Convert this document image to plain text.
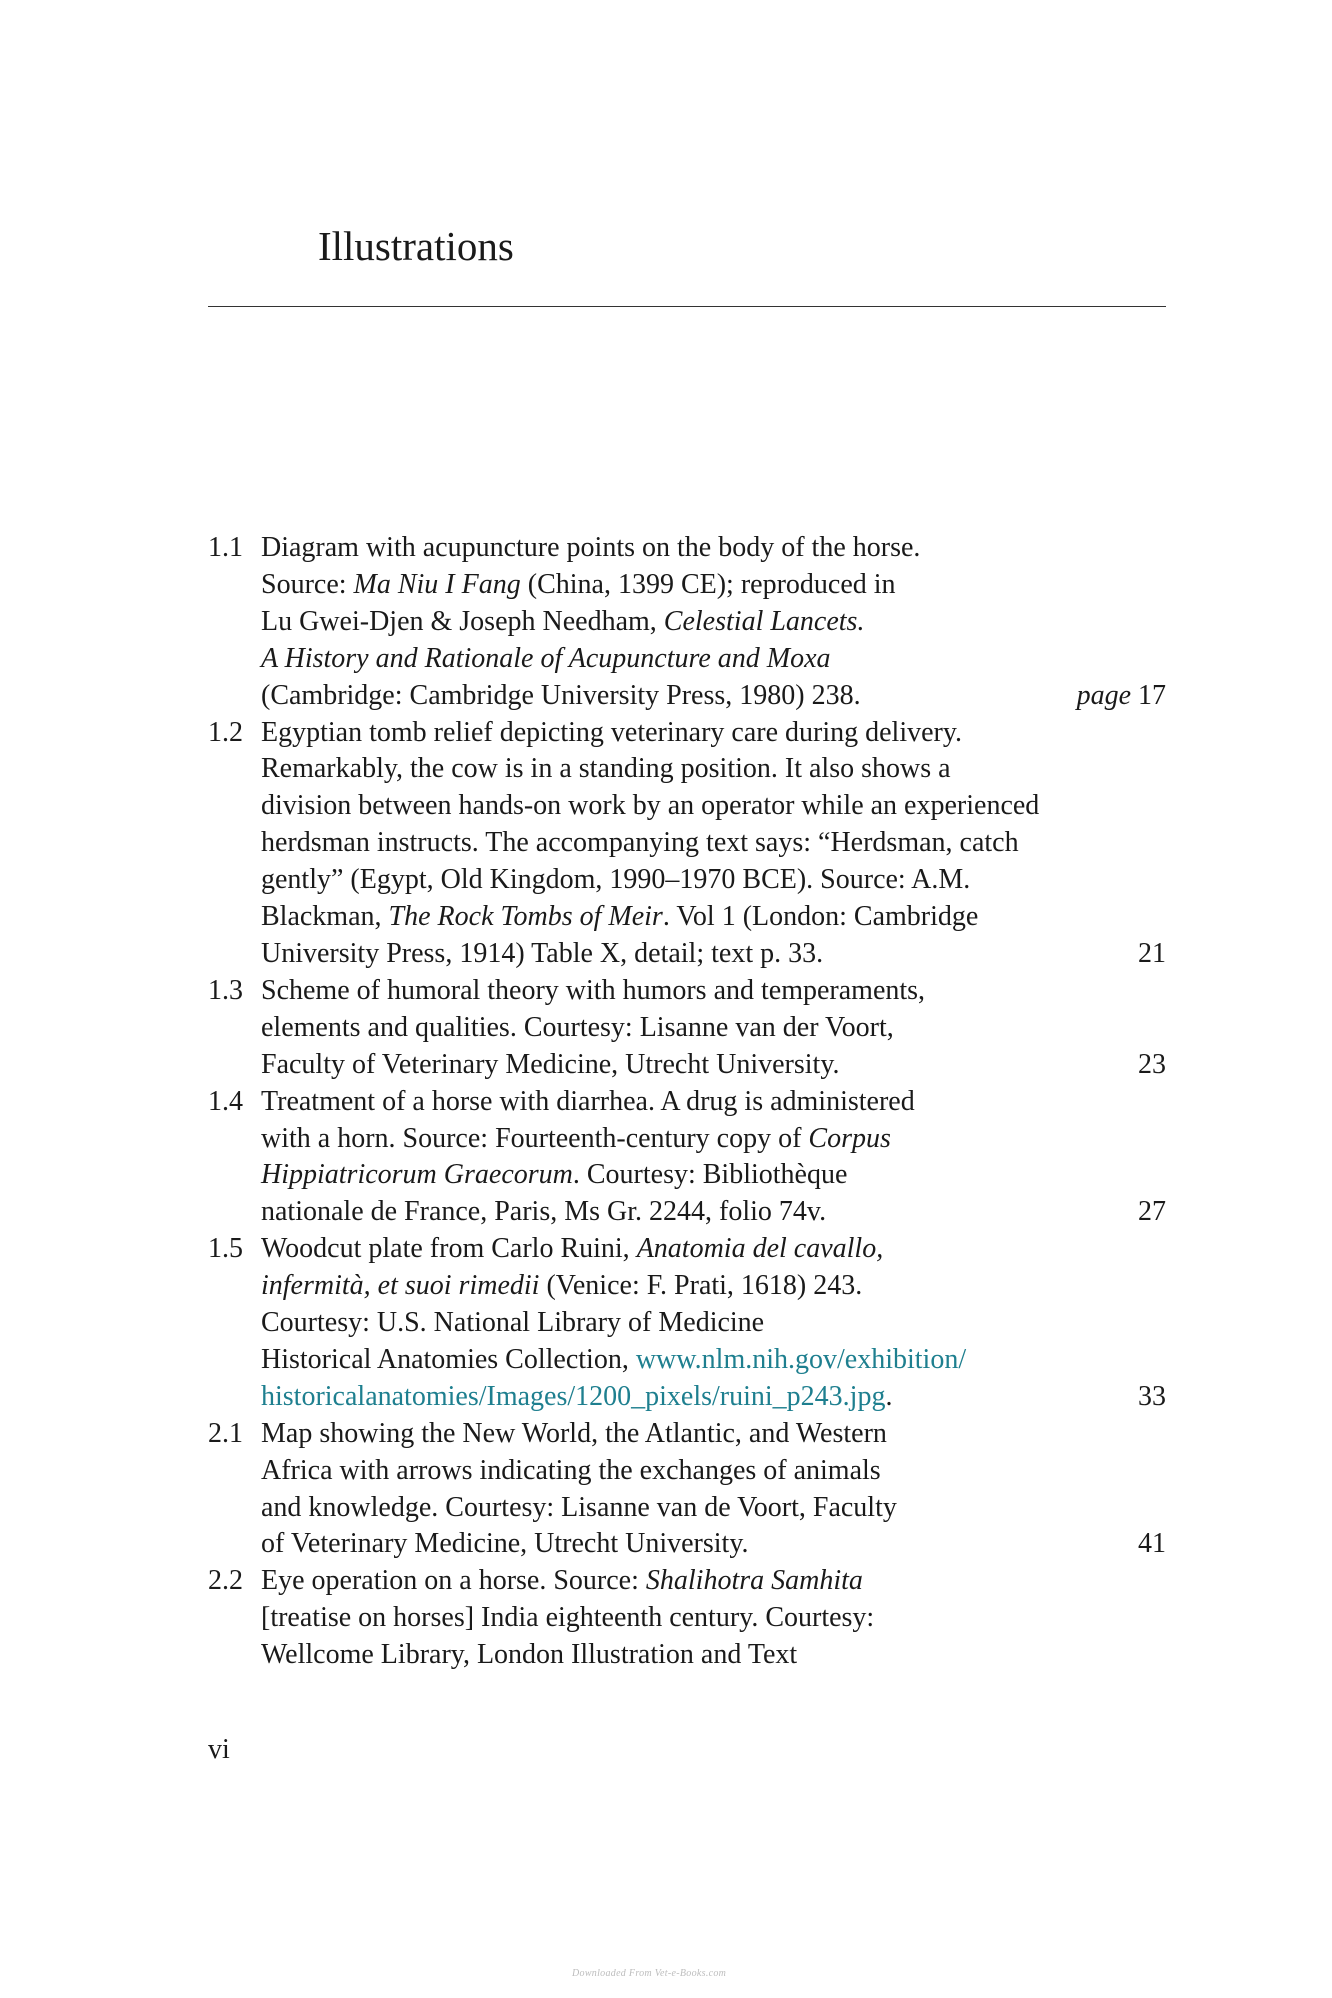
Illustrations
1.1 Diagram with acupuncture points on the body of the horse.
Source: Ma Niu I Fang (China, 1399 CE); reproduced in
Lu Gwei-Djen & Joseph Needham, Celestial Lancets.
A History and Rationale of Acupuncture and Moxa
(Cambridge: Cambridge University Press, 1980) 238.	page 17
1.2 Egyptian tomb relief depicting veterinary care during delivery.
Remarkably, the cow is in a standing position. It also shows a
division between hands-on work by an operator while an experienced
herdsman instructs. The accompanying text says: “Herdsman, catch
gently” (Egypt, Old Kingdom, 1990–1970 BCE). Source: A.M.
Blackman, The Rock Tombs of Meir. Vol 1 (London: Cambridge
University Press, 1914) Table X, detail; text p. 33.	21
1.3 Scheme of humoral theory with humors and temperaments,
elements and qualities. Courtesy: Lisanne van der Voort,
Faculty of Veterinary Medicine, Utrecht University.	23
1.4 Treatment of a horse with diarrhea. A drug is administered
with a horn. Source: Fourteenth-century copy of Corpus
Hippiatricorum Graecorum. Courtesy: Bibliothèque
nationale de France, Paris, Ms Gr. 2244, folio 74v.	27
1.5 Woodcut plate from Carlo Ruini, Anatomia del cavallo,
infermità, et suoi rimedii (Venice: F. Prati, 1618) 243.
Courtesy: U.S. National Library of Medicine
Historical Anatomies Collection, www.nlm.nih.gov/exhibition/
historicalanatomies/Images/1200_pixels/ruini_p243.jpg.	33
2.1 Map showing the New World, the Atlantic, and Western
Africa with arrows indicating the exchanges of animals
and knowledge. Courtesy: Lisanne van de Voort, Faculty
of Veterinary Medicine, Utrecht University.	41
2.2 Eye operation on a horse. Source: Shalihotra Samhita
[treatise on horses] India eighteenth century. Courtesy:
Wellcome Library, London Illustration and Text
vi
Downloaded From Vet-e-Books.com
